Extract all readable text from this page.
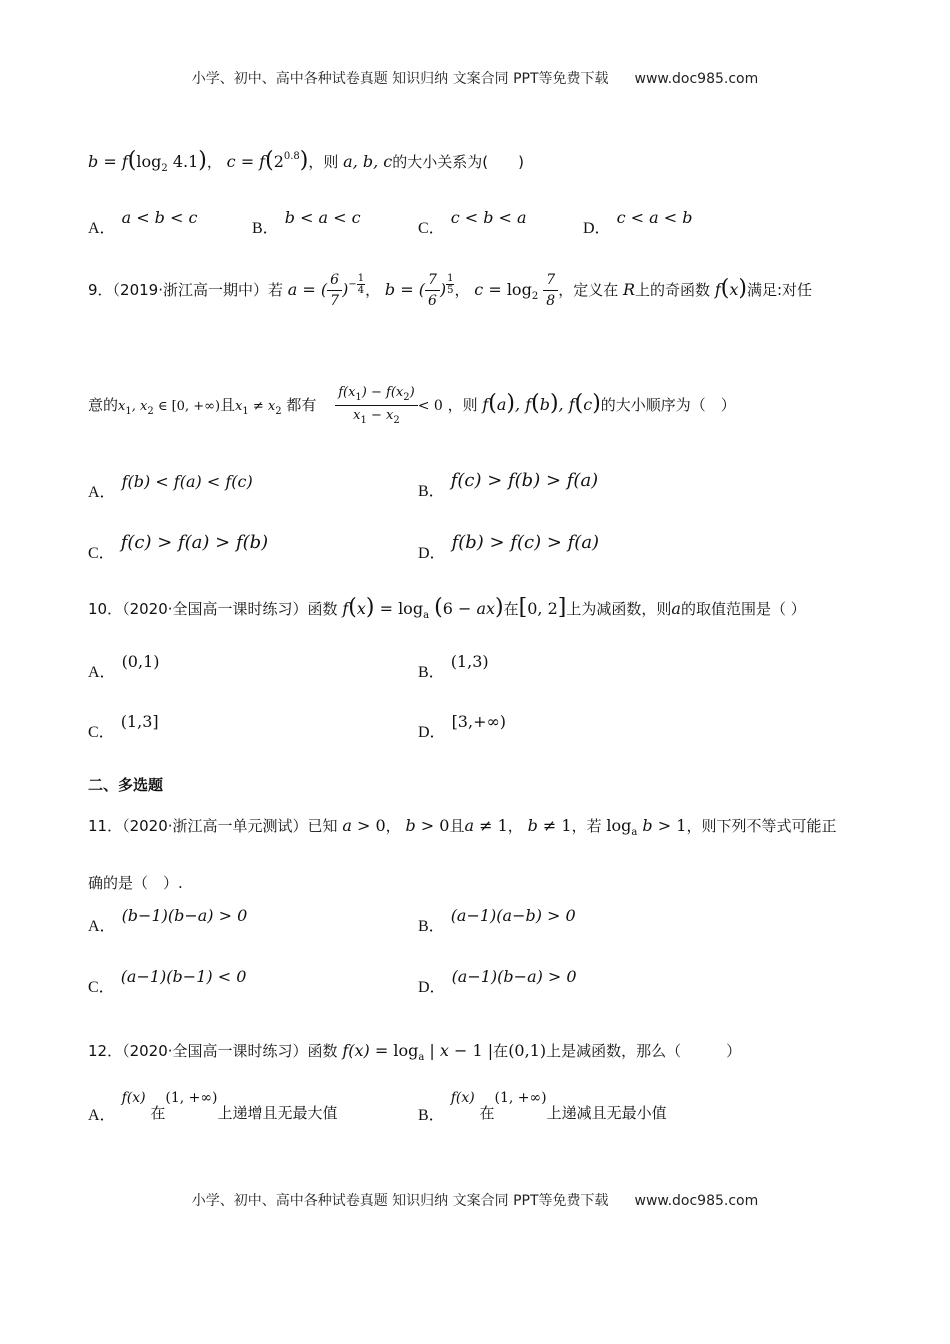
小学、初中、高中各种试卷真题 知识归纳 文案合同 PPT等免费下载 www.doc985.com
$b = f(\log_2$ 4.1)， $c = f(2^{0.8})$，则 a, b, c的大小关系为(　　)
A．a < b < c
B．b < a < c
C．c < b < a
D．c < a < b
9．（2019·浙江高一期中）若 a = ( $\frac{6}{7} )^{- \frac{1}{4}}$， b = ( $\frac{7}{6}$ ) $^{\frac{1}{5}}$， $c = \log_2 \frac{7}{8}$ ，定义在 R上的奇函数 f(x)满足:对任
意的$x_1$, $x_2$ ∈ [0, +∞)且$x_1 \ne x_2$ 都有 $\frac{f(x_1) - f(x_2)}{x_1 - x_2} < 0$ ，则 f(a), f(b), f(c)的大小顺序为（　）
A．f(b) < f(a) < f(c)
B．f(c) > f(b) > f(a)
C．f(c) > f(a) > f(b)
D．f(b) > f(c) > f(a)
10．（2020·全国高一课时练习）函数 $f(x) = \log_a (6 - ax)$在[0, 2]上为减函数，则a的取值范围是（ ）
A．(0,1)
B．(1,3)
C．(1,3]
D．[3,+∞)
二、多选题
11．（2020·浙江高一单元测试）已知 a > 0， b > 0且a ≠ 1， b ≠ 1，若 $\log_a b > 1$，则下列不等式可能正
确的是（　）.
A．(b−1)(b−a) > 0
B．(a−1)(a−b) > 0
C．(a−1)(b−1) < 0
D．(a−1)(b−a) > 0
12．（2020·全国高一课时练习）函数 $f(x) = \log_a$ | x − 1 |在(0,1)上是减函数，那么（　　　）
A．f(x) 在(1, +∞)上递增且无最大值	B．f(x) 在(1, +∞)上递减且无最小值
小学、初中、高中各种试卷真题 知识归纳 文案合同 PPT等免费下载 www.doc985.com
